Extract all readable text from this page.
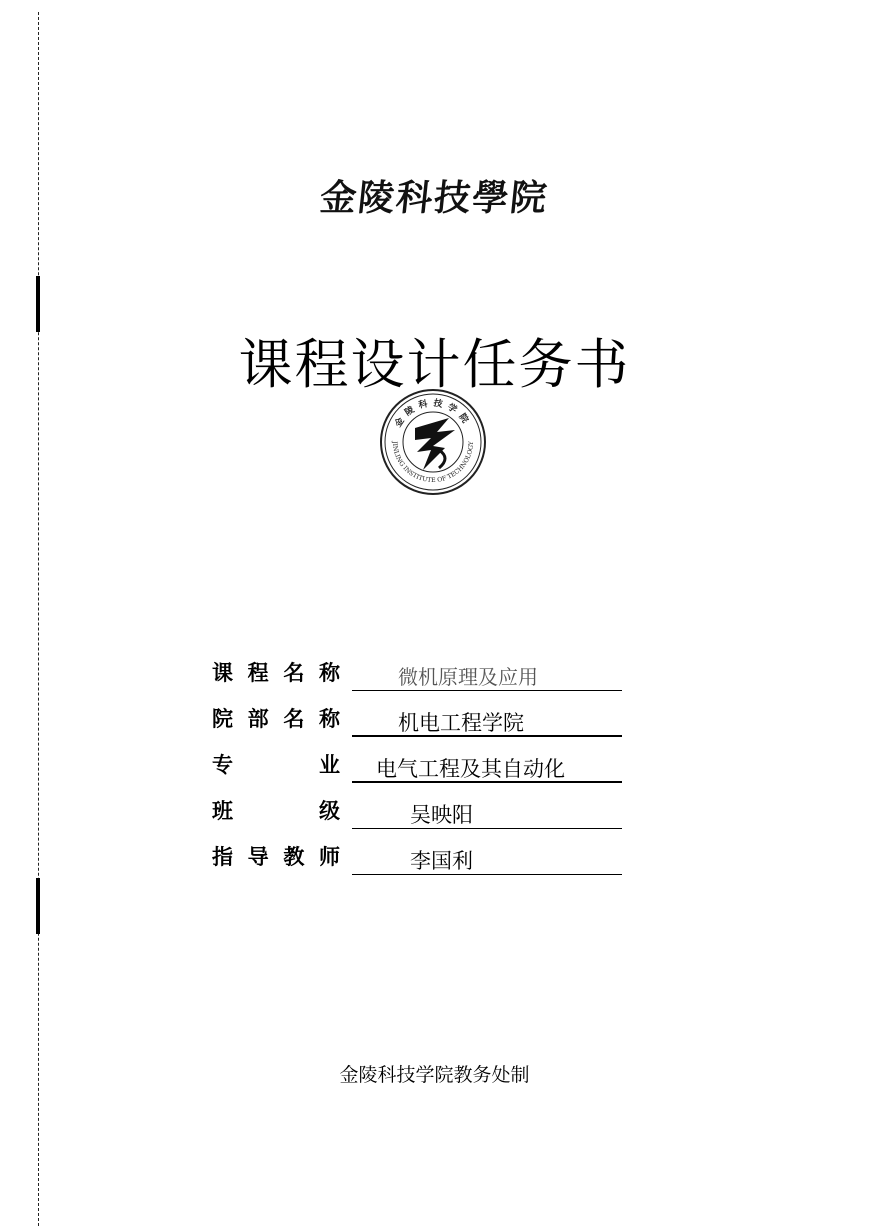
金陵科技學院
课程设计任务书
金陵科技学院
JINLING INSTITUTE OF TECHNOLOGY
课 程 名 称	微机原理及应用
院 部 名 称	机电工程学院
专	业	电气工程及其自动化
班	级	吴映阳
指 导 教 师	李国利
金陵科技学院教务处制
